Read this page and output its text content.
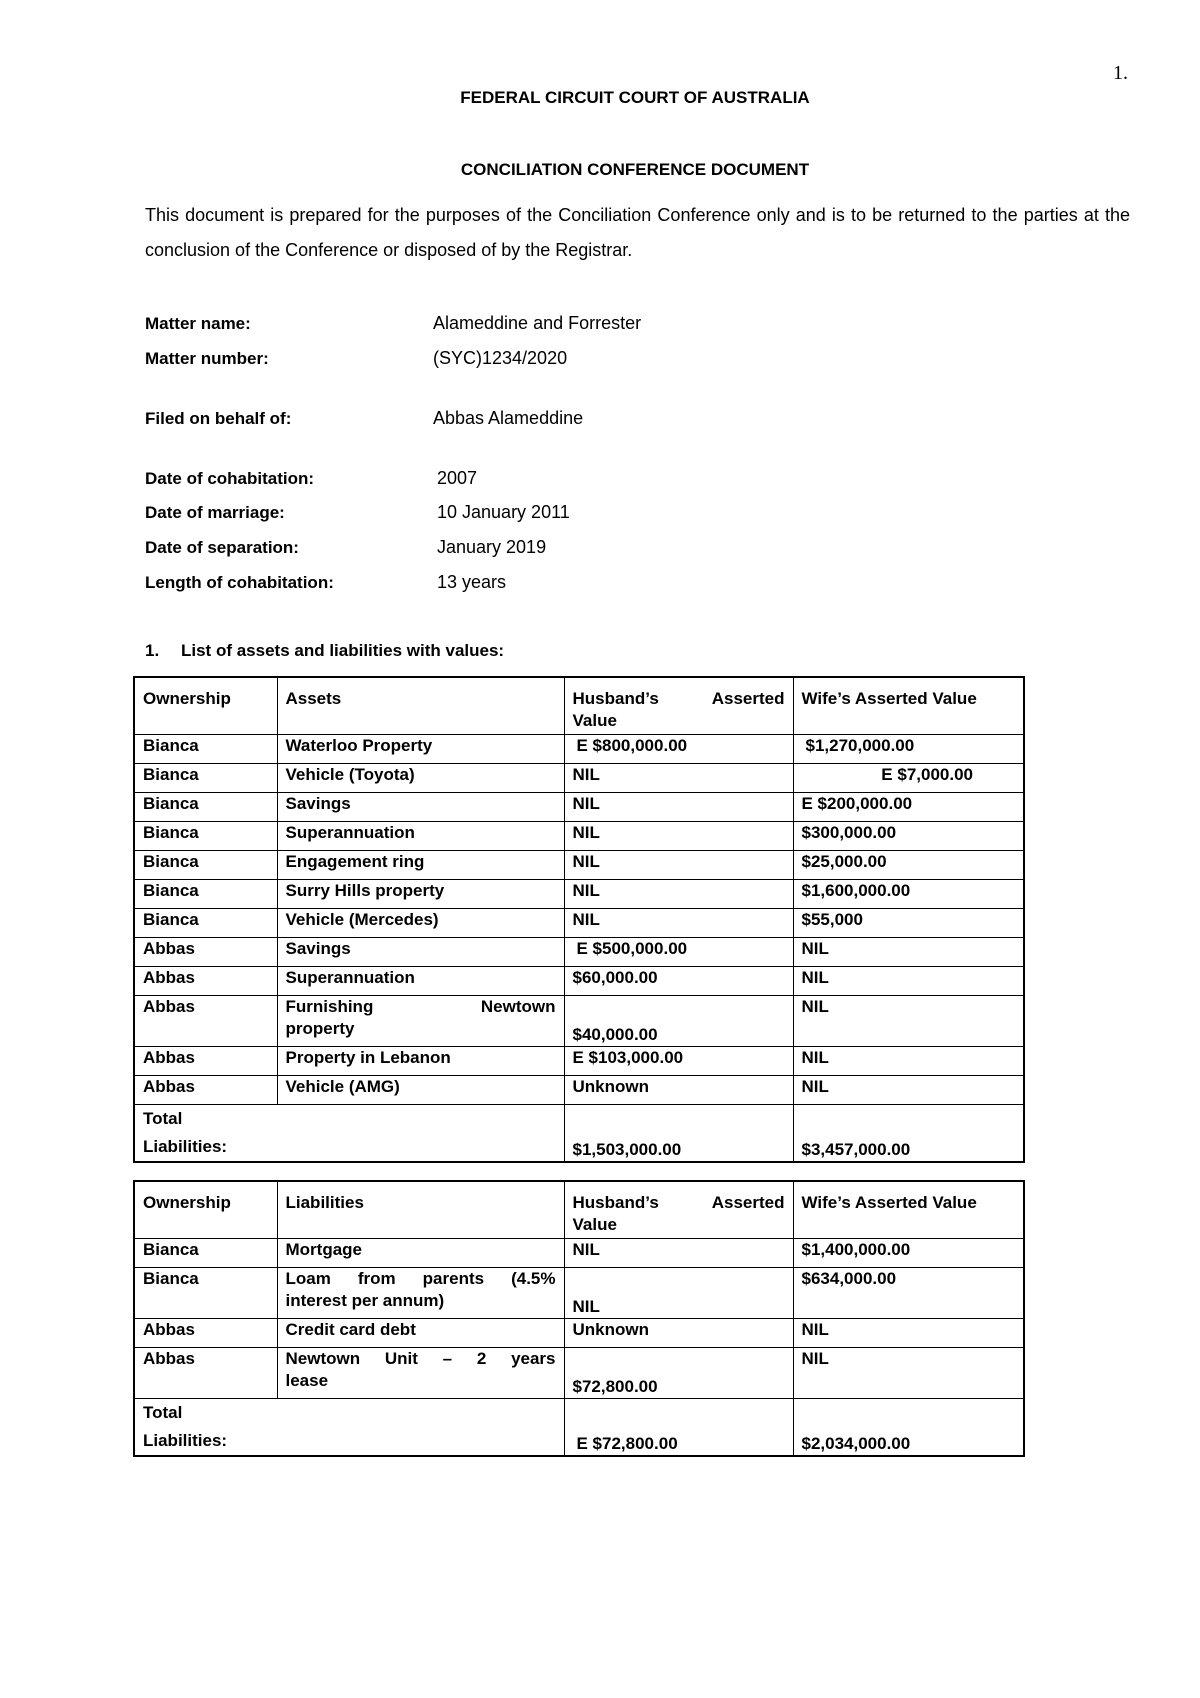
1.
FEDERAL CIRCUIT COURT OF AUSTRALIA
CONCILIATION CONFERENCE DOCUMENT
This document is prepared for the purposes of the Conciliation Conference only and is to be returned to the parties at the conclusion of the Conference or disposed of by the Registrar.
Matter name:	Alameddine and Forrester
Matter number:	(SYC)1234/2020
Filed on behalf of:	Abbas Alameddine
Date of cohabitation:	2007
Date of marriage:	10 January 2011
Date of separation:	January 2019
Length of cohabitation:	13 years
1. List of assets and liabilities with values:
Ownership	Assets	Husband’s Asserted
Value	Wife’s Asserted Value
Bianca	Waterloo Property	E $800,000.00	$1,270,000.00
Bianca	Vehicle (Toyota)	NIL	E $7,000.00
Bianca	Savings	NIL	E $200,000.00
Bianca	Superannuation	NIL	$300,000.00
Bianca	Engagement ring	NIL	$25,000.00
Bianca	Surry Hills property	NIL	$1,600,000.00
Bianca	Vehicle (Mercedes)	NIL	$55,000
Abbas	Savings	E $500,000.00	NIL
Abbas	Superannuation	$60,000.00	NIL
Abbas	Furnishing Newtown
property	$40,000.00	NIL
Abbas	Property in Lebanon	E $103,000.00	NIL
Abbas	Vehicle (AMG)	Unknown	NIL

Total
Liabilities:		$1,503,000.00	$3,457,000.00
Ownership	Liabilities	Husband’s Asserted
Value	Wife’s Asserted Value
Bianca	Mortgage	NIL	$1,400,000.00
Bianca	Loam from parents (4.5%
interest per annum)	NIL	$634,000.00
Abbas	Credit card debt	Unknown	NIL
Abbas	Newtown Unit – 2 years
lease	$72,800.00	NIL

Total
Liabilities:		E $72,800.00	$2,034,000.00
